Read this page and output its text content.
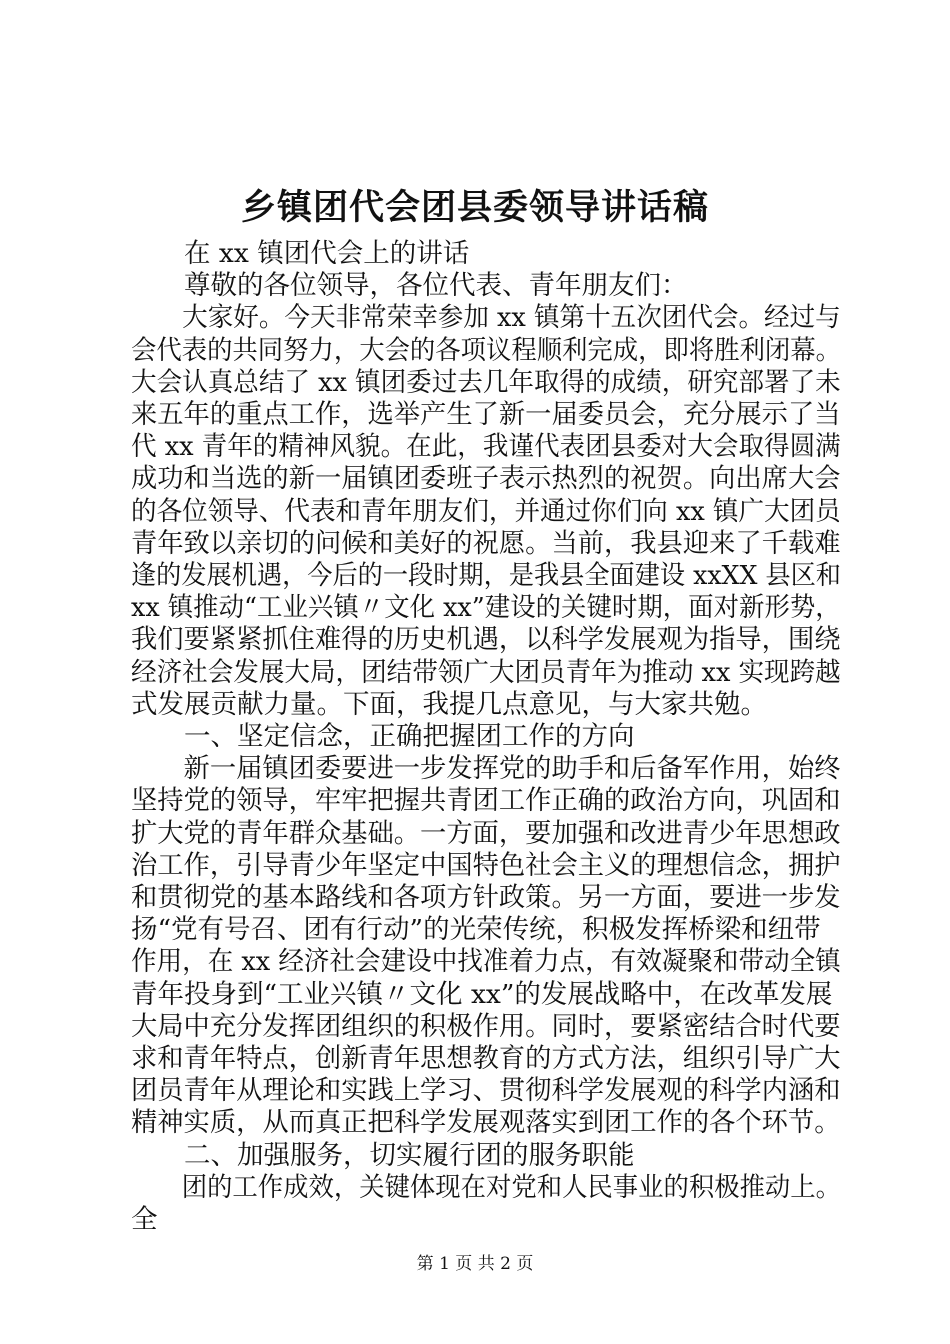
乡镇团代会团县委领导讲话稿
　　在 xx 镇团代会上的讲话
　　尊敬的各位领导，各位代表、青年朋友们：
　　大家好。今天非常荣幸参加 xx 镇第十五次团代会。经过与
会代表的共同努力，大会的各项议程顺利完成，即将胜利闭幕。
大会认真总结了 xx 镇团委过去几年取得的成绩，研究部署了未
来五年的重点工作，选举产生了新一届委员会，充分展示了当
代 xx 青年的精神风貌。在此，我谨代表团县委对大会取得圆满
成功和当选的新一届镇团委班子表示热烈的祝贺。向出席大会
的各位领导、代表和青年朋友们，并通过你们向 xx 镇广大团员
青年致以亲切的问候和美好的祝愿。当前，我县迎来了千载难
逢的发展机遇，今后的一段时期，是我县全面建设 xxXX 县区和
xx 镇推动“工业兴镇〃文化 xx”建设的关键时期，面对新形势，
我们要紧紧抓住难得的历史机遇，以科学发展观为指导，围绕
经济社会发展大局，团结带领广大团员青年为推动 xx 实现跨越
式发展贡献力量。下面，我提几点意见，与大家共勉。
　　一、坚定信念，正确把握团工作的方向
　　新一届镇团委要进一步发挥党的助手和后备军作用，始终
坚持党的领导，牢牢把握共青团工作正确的政治方向，巩固和
扩大党的青年群众基础。一方面，要加强和改进青少年思想政
治工作，引导青少年坚定中国特色社会主义的理想信念，拥护
和贯彻党的基本路线和各项方针政策。另一方面，要进一步发
扬“党有号召、团有行动”的光荣传统，积极发挥桥梁和纽带
作用，在 xx 经济社会建设中找准着力点，有效凝聚和带动全镇
青年投身到“工业兴镇〃文化 xx”的发展战略中，在改革发展
大局中充分发挥团组织的积极作用。同时，要紧密结合时代要
求和青年特点，创新青年思想教育的方式方法，组织引导广大
团员青年从理论和实践上学习、贯彻科学发展观的科学内涵和
精神实质，从而真正把科学发展观落实到团工作的各个环节。
　　二、加强服务，切实履行团的服务职能
　　团的工作成效，关键体现在对党和人民事业的积极推动上。
全
第 1 页 共 2 页
